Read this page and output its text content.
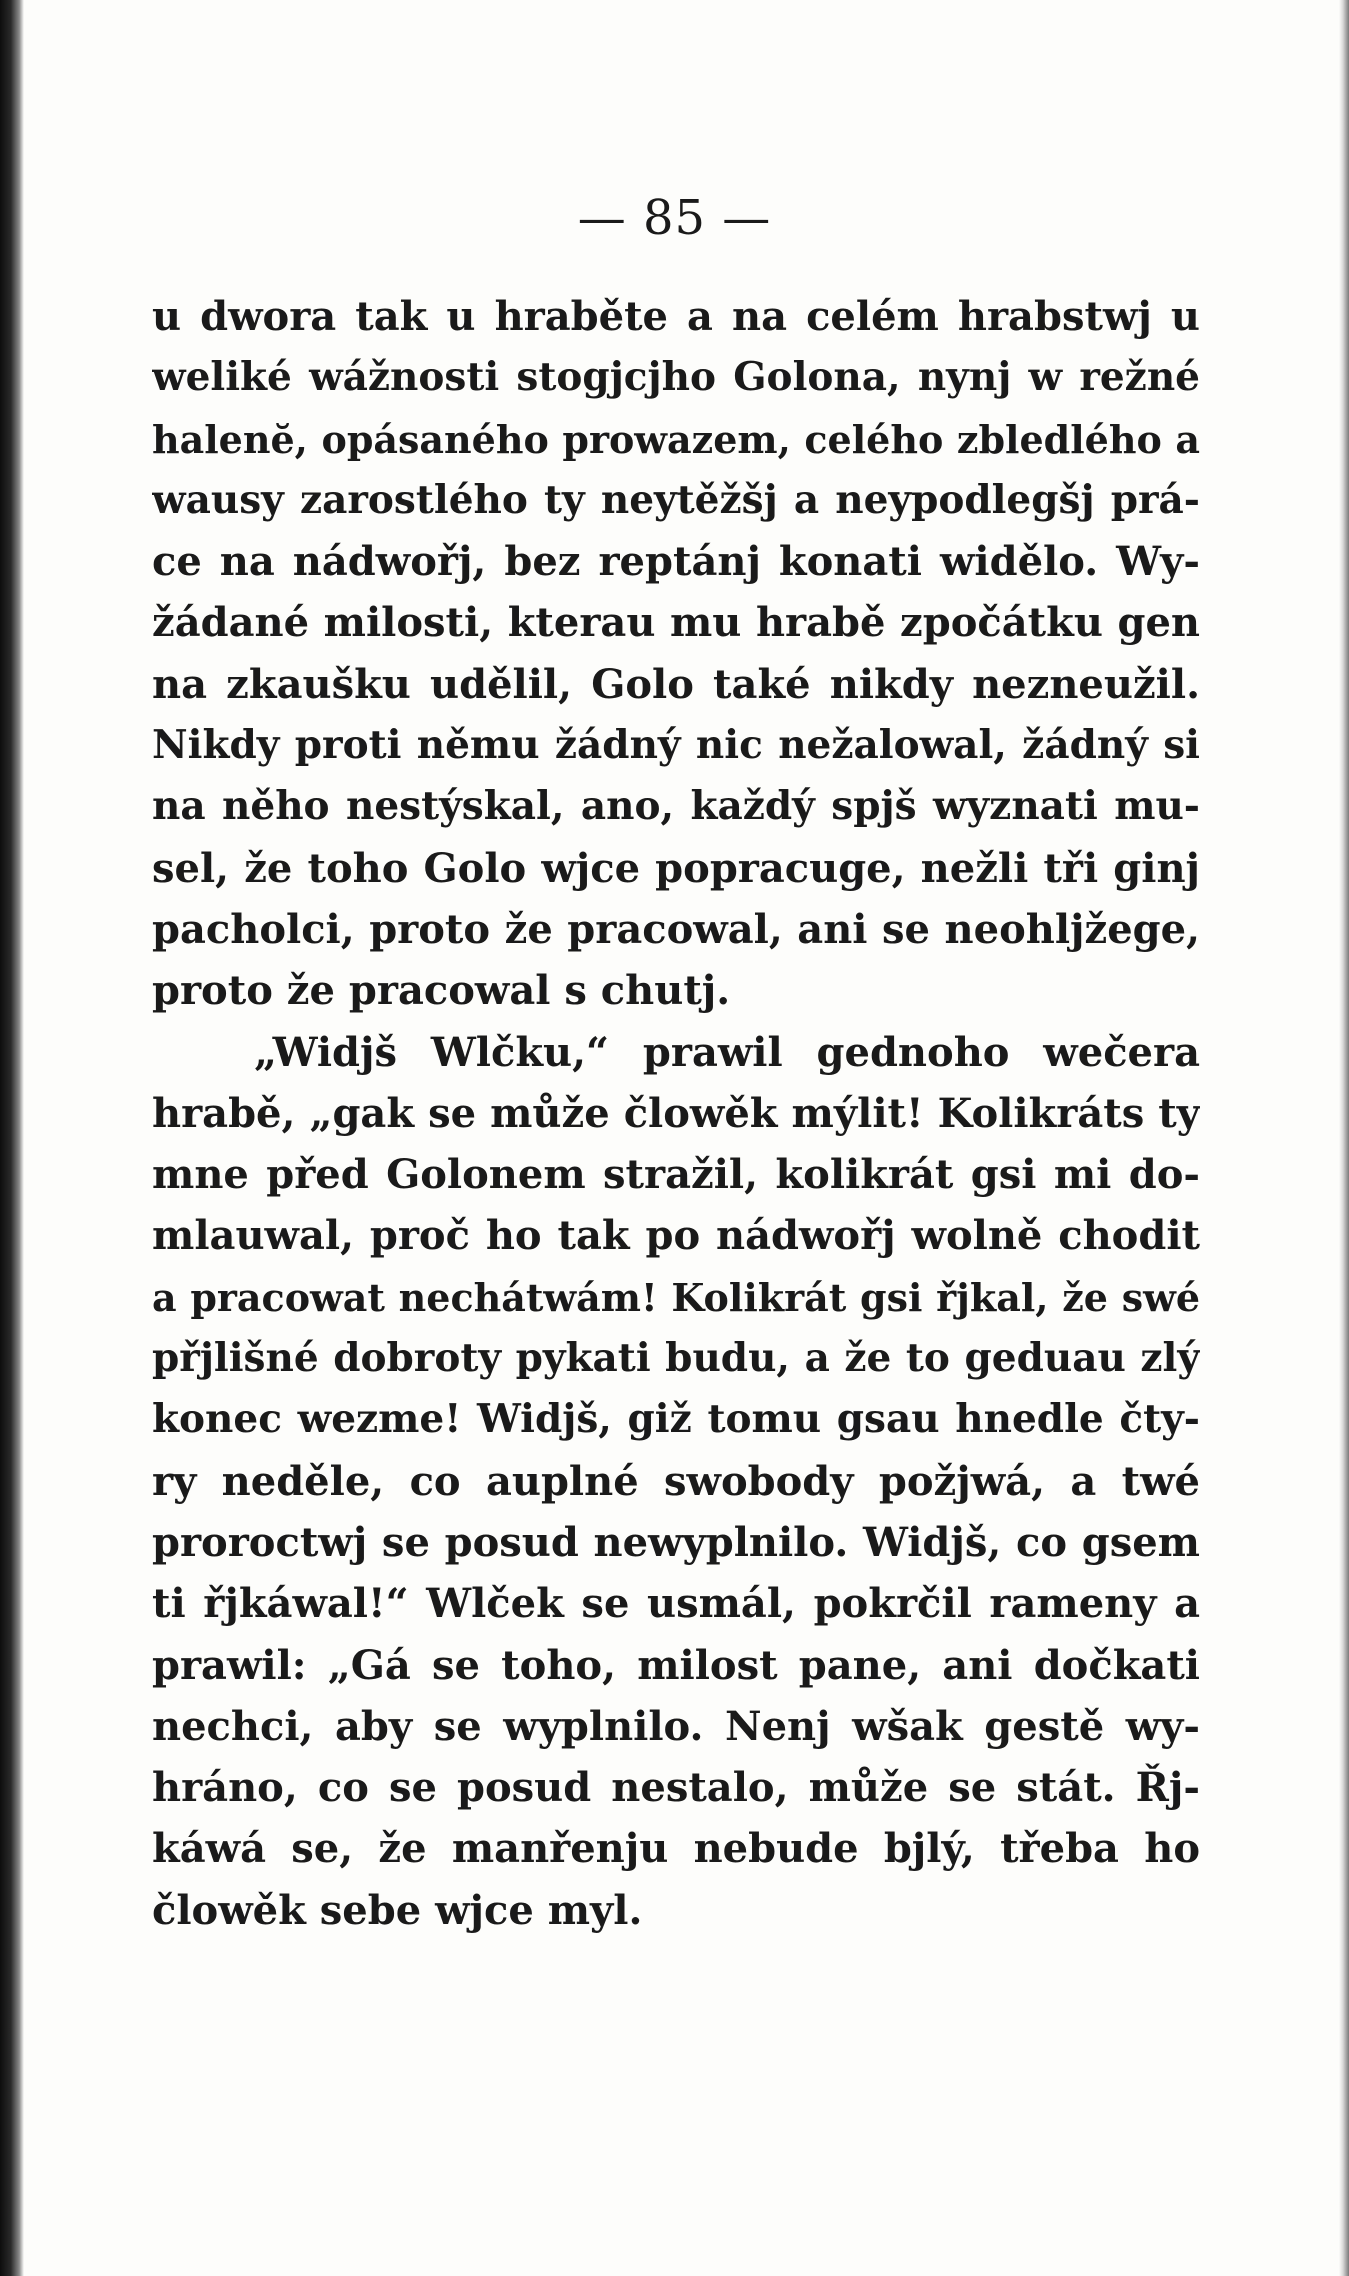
— 85 —
u dwora tak u hraběte a na celém hrabstwj u
weliké wážnosti stogjcjho Golona, nynj w režné
halenĕ, opásaného prowazem, celého zbledlého a
wausy zarostlého ty neytěžšj a neypodlegšj prá-
ce na nádwořj, bez reptánj konati widělo. Wy-
žádané milosti, kterau mu hrabě zpočátku gen
na zkaušku udělil, Golo také nikdy nezneužil.
Nikdy proti němu žádný nic nežalowal, žádný si
na něho nestýskal, ano, každý spjš wyznati mu-
sel, že toho Golo wjce popracuge, nežli tři ginj
pacholci, proto že pracowal, ani se neohljžege,
proto že pracowal s chutj.
„Widjš Wlčku,“ prawil gednoho wečera
hrabě, „gak se může člowěk mýlit! Kolikráts ty
mne před Golonem stražil, kolikrát gsi mi do-
mlauwal, proč ho tak po nádwořj wolně chodit
a pracowat nechátwám! Kolikrát gsi řjkal, že swé
přjlišné dobroty pykati budu, a že to geduau zlý
konec wezme! Widjš, giž tomu gsau hnedle čty-
ry neděle, co auplné swobody požjwá, a twé
proroctwj se posud newyplnilo. Widjš, co gsem
ti řjkáwal!“ Wlček se usmál, pokrčil rameny a
prawil: „Gá se toho, milost pane, ani dočkati
nechci, aby se wyplnilo. Nenj wšak gestě wy-
hráno, co se posud nestalo, může se stát. Řj-
káwá se, že manřenju nebude bjlý, třeba ho
člowěk sebe wjce myl.
